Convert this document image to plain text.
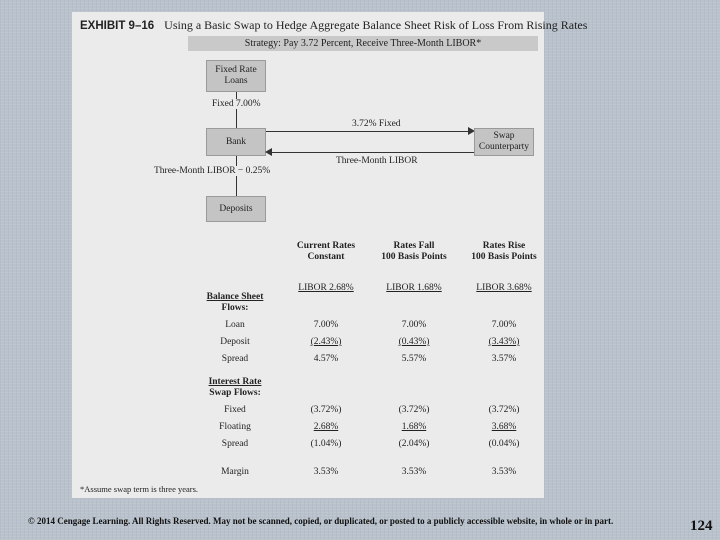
EXHIBIT 9–16 Using a Basic Swap to Hedge Aggregate Balance Sheet Risk of Loss From Rising Rates
Strategy: Pay 3.72 Percent, Receive Three-Month LIBOR*
Fixed Rate
Loans
Fixed 7.00%
Bank
3.72% Fixed
Three-Month LIBOR
Swap
Counterparty
Three-Month LIBOR − 0.25%
Deposits
Current Rates
Constant
Rates Fall
100 Basis Points
Rates Rise
100 Basis Points
LIBOR 2.68%	LIBOR 1.68%	LIBOR 3.68%
Balance Sheet
Flows:
Loan	7.00%	7.00%	7.00%
Deposit	(2.43%)	(0.43%)	(3.43%)
Spread	4.57%	5.57%	3.57%
Interest Rate
Swap Flows:
Fixed	(3.72%)	(3.72%)	(3.72%)
Floating	2.68%	1.68%	3.68%
Spread	(1.04%)	(2.04%)	(0.04%)
Margin	3.53%	3.53%	3.53%
*Assume swap term is three years.
© 2014 Cengage Learning. All Rights Reserved. May not be scanned, copied, or duplicated, or posted to a publicly accessible website, in whole or in part.	124
